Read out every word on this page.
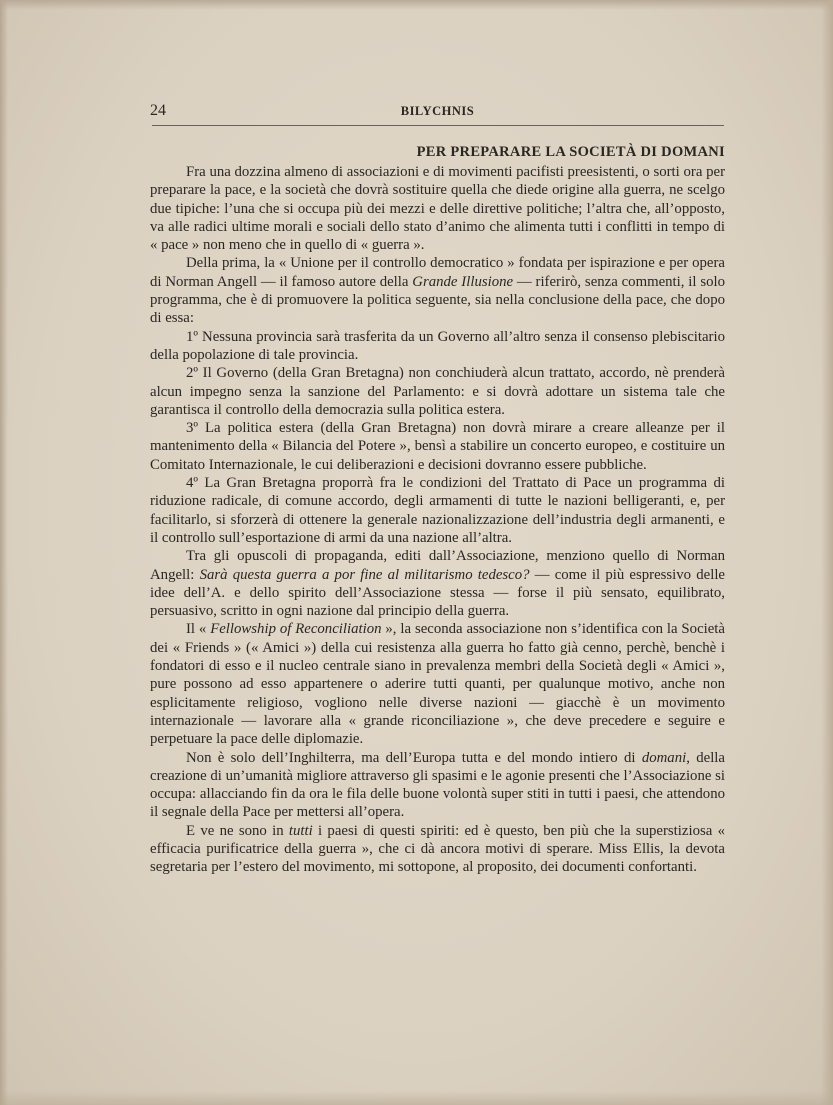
24	BILYCHNIS
PER PREPARARE LA SOCIETÀ DI DOMANI

Fra una dozzina almeno di associazioni e di movimenti pacifisti preesistenti, o sorti ora per preparare la pace, e la società che dovrà sostituire quella che diede origine alla guerra, ne scelgo due tipiche: l’una che si occupa più dei mezzi e delle direttive politiche; l’altra che, all’opposto, va alle radici ultime morali e sociali dello stato d’animo che alimenta tutti i conflitti in tempo di « pace » non meno che in quello di « guerra ».

Della prima, la « Unione per il controllo democratico » fondata per ispirazione e per opera di Norman Angell — il famoso autore della Grande Illusione — riferirò, senza commenti, il solo programma, che è di promuovere la politica seguente, sia nella conclusione della pace, che dopo di essa:

1º Nessuna provincia sarà trasferita da un Governo all’altro senza il consenso plebiscitario della popolazione di tale provincia.

2º Il Governo (della Gran Bretagna) non conchiuderà alcun trattato, accordo, nè prenderà alcun impegno senza la sanzione del Parlamento: e si dovrà adottare un sistema tale che garantisca il controllo della democrazia sulla politica estera.

3º La politica estera (della Gran Bretagna) non dovrà mirare a creare alleanze per il mantenimento della « Bilancia del Potere », bensì a stabilire un concerto europeo, e costituire un Comitato Internazionale, le cui deliberazioni e decisioni dovranno essere pubbliche.

4º La Gran Bretagna proporrà fra le condizioni del Trattato di Pace un programma di riduzione radicale, di comune accordo, degli armamenti di tutte le nazioni belligeranti, e, per facilitarlo, si sforzerà di ottenere la generale nazionalizzazione dell’industria degli armanenti, e il controllo sull’esportazione di armi da una nazione all’altra.

Tra gli opuscoli di propaganda, editi dall’Associazione, menziono quello di Norman Angell: Sarà questa guerra a por fine al militarismo tedesco? — come il più espressivo delle idee dell’A. e dello spirito dell’Associazione stessa — forse il più sensato, equilibrato, persuasivo, scritto in ogni nazione dal principio della guerra.

Il « Fellowship of Reconciliation », la seconda associazione non s’identifica con la Società dei « Friends » (« Amici ») della cui resistenza alla guerra ho fatto già cenno, perchè, benchè i fondatori di esso e il nucleo centrale siano in prevalenza membri della Società degli « Amici », pure possono ad esso appartenere o aderire tutti quanti, per qualunque motivo, anche non esplicitamente religioso, vogliono nelle diverse nazioni — giacchè è un movimento internazionale — lavorare alla « grande riconciliazione », che deve precedere e seguire e perpetuare la pace delle diplomazie.

Non è solo dell’Inghilterra, ma dell’Europa tutta e del mondo intiero di domani, della creazione di un’umanità migliore attraverso gli spasimi e le agonie presenti che l’Associazione si occupa: allacciando fin da ora le fila delle buone volontà super stiti in tutti i paesi, che attendono il segnale della Pace per mettersi all’opera.

E ve ne sono in tutti i paesi di questi spiriti: ed è questo, ben più che la superstiziosa « efficacia purificatrice della guerra », che ci dà ancora motivi di sperare. Miss Ellis, la devota segretaria per l’estero del movimento, mi sottopone, al proposito, dei documenti confortanti.
